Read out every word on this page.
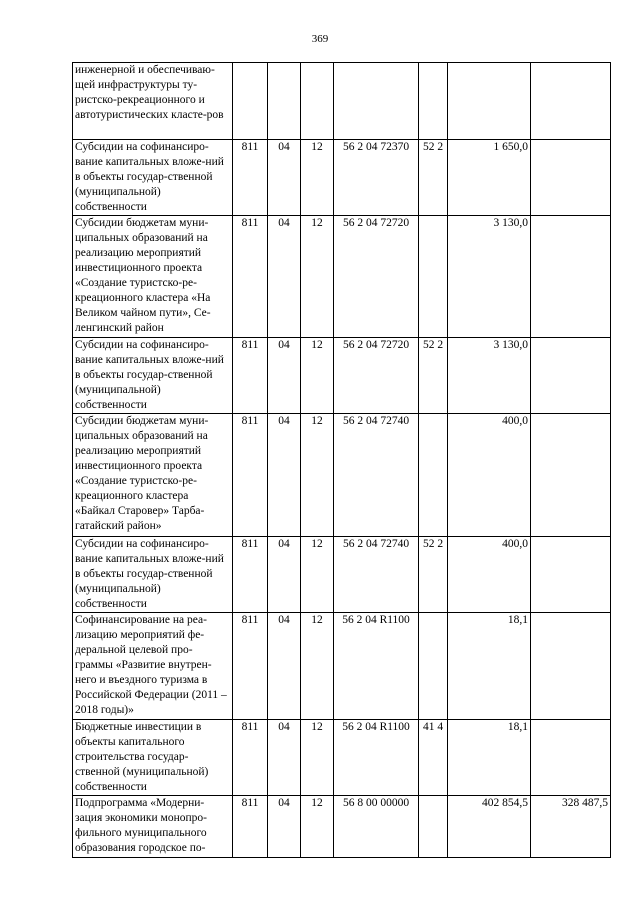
369
инженерной и обеспечиваю-щей инфраструктуры ту-ристско-рекреационного и автотуристических класте-ров							
Субсидии на софинансиро-вание капитальных вложе-ний в объекты государ-ственной (муниципальной) собственности	811	04	12	56 2 04 72370	52 2	1 650,0	
Субсидии бюджетам муни-ципальных образований на реализацию мероприятий инвестиционного проекта «Создание туристско-ре-креационного кластера «На Великом чайном пути», Се-ленгинский район	811	04	12	56 2 04 72720		3 130,0	
Субсидии на софинансиро-вание капитальных вложе-ний в объекты государ-ственной (муниципальной) собственности	811	04	12	56 2 04 72720	52 2	3 130,0	
Субсидии бюджетам муни-ципальных образований на реализацию мероприятий инвестиционного проекта «Создание туристско-ре-креационного кластера «Байкал Старовер» Тарба-гатайский район»	811	04	12	56 2 04 72740		400,0	
Субсидии на софинансиро-вание капитальных вложе-ний в объекты государ-ственной (муниципальной) собственности	811	04	12	56 2 04 72740	52 2	400,0	
Софинансирование на реа-лизацию мероприятий фе-деральной целевой про-граммы «Развитие внутрен-него и въездного туризма в Российской Федерации (2011 – 2018 годы)»	811	04	12	56 2 04 R1100		18,1	
Бюджетные инвестиции в объекты капитального строительства государ-ственной (муниципальной) собственности	811	04	12	56 2 04 R1100	41 4	18,1	
Подпрограмма «Модерни-зация экономики монопро-фильного муниципального образования городское по-	811	04	12	56 8 00 00000		402 854,5	328 487,5
